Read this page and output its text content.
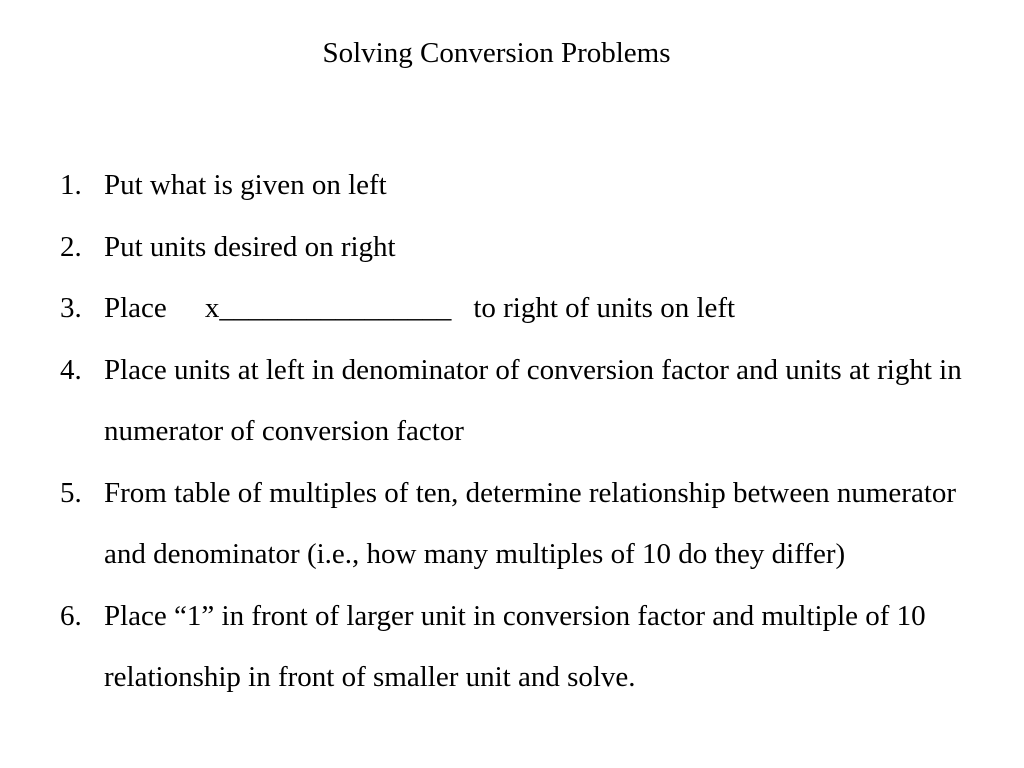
Solving Conversion Problems
1. Put what is given on left
2. Put units desired on right
3. Place x________________ to right of units on left
4. Place units at left in denominator of conversion factor and units at right in numerator of conversion factor
5. From table of multiples of ten, determine relationship between numerator and denominator (i.e., how many multiples of 10 do they differ)
6. Place “1” in front of larger unit in conversion factor and multiple of 10 relationship in front of smaller unit and solve.
